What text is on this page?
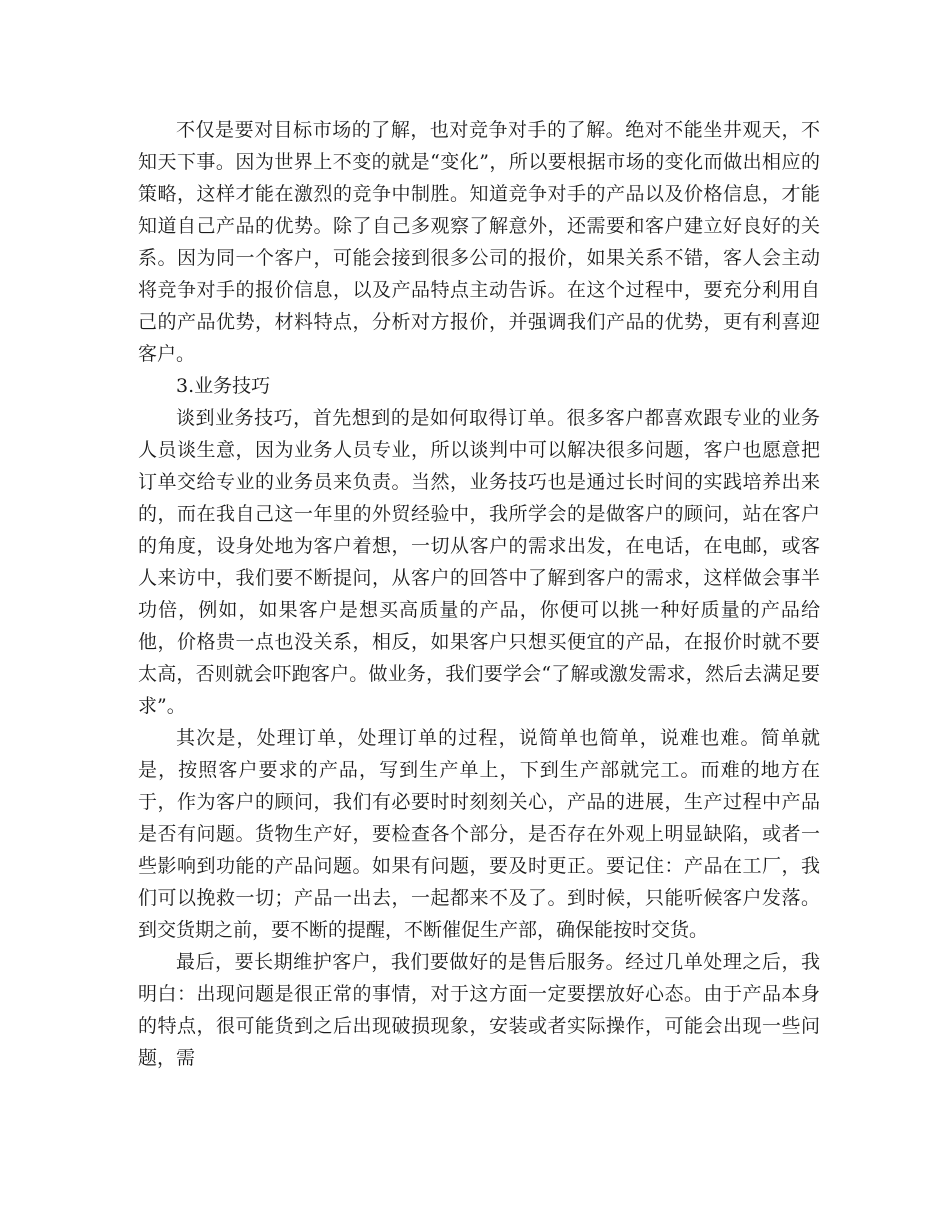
不仅是要对目标市场的了解，也对竞争对手的了解。绝对不能坐井观天，不知天下事。因为世界上不变的就是“变化”，所以要根据市场的变化而做出相应的策略，这样才能在激烈的竞争中制胜。知道竞争对手的产品以及价格信息，才能知道自己产品的优势。除了自己多观察了解意外，还需要和客户建立好良好的关系。因为同一个客户，可能会接到很多公司的报价，如果关系不错，客人会主动将竞争对手的报价信息，以及产品特点主动告诉。在这个过程中，要充分利用自己的产品优势，材料特点，分析对方报价，并强调我们产品的优势，更有利喜迎客户。

3.业务技巧

谈到业务技巧，首先想到的是如何取得订单。很多客户都喜欢跟专业的业务人员谈生意，因为业务人员专业，所以谈判中可以解决很多问题，客户也愿意把订单交给专业的业务员来负责。当然，业务技巧也是通过长时间的实践培养出来的，而在我自己这一年里的外贸经验中，我所学会的是做客户的顾问，站在客户的角度，设身处地为客户着想，一切从客户的需求出发，在电话，在电邮，或客人来访中，我们要不断提问，从客户的回答中了解到客户的需求，这样做会事半功倍，例如，如果客户是想买高质量的产品，你便可以挑一种好质量的产品给他，价格贵一点也没关系，相反，如果客户只想买便宜的产品，在报价时就不要太高，否则就会吓跑客户。做业务，我们要学会“了解或激发需求，然后去满足要求”。

其次是，处理订单，处理订单的过程，说简单也简单，说难也难。简单就是，按照客户要求的产品，写到生产单上，下到生产部就完工。而难的地方在于，作为客户的顾问，我们有必要时时刻刻关心，产品的进展，生产过程中产品是否有问题。货物生产好，要检查各个部分，是否存在外观上明显缺陷，或者一些影响到功能的产品问题。如果有问题，要及时更正。要记住：产品在工厂，我们可以挽救一切；产品一出去，一起都来不及了。到时候，只能听候客户发落。到交货期之前，要不断的提醒，不断催促生产部，确保能按时交货。

最后，要长期维护客户，我们要做好的是售后服务。经过几单处理之后，我明白：出现问题是很正常的事情，对于这方面一定要摆放好心态。由于产品本身的特点，很可能货到之后出现破损现象，安装或者实际操作，可能会出现一些问题，需
